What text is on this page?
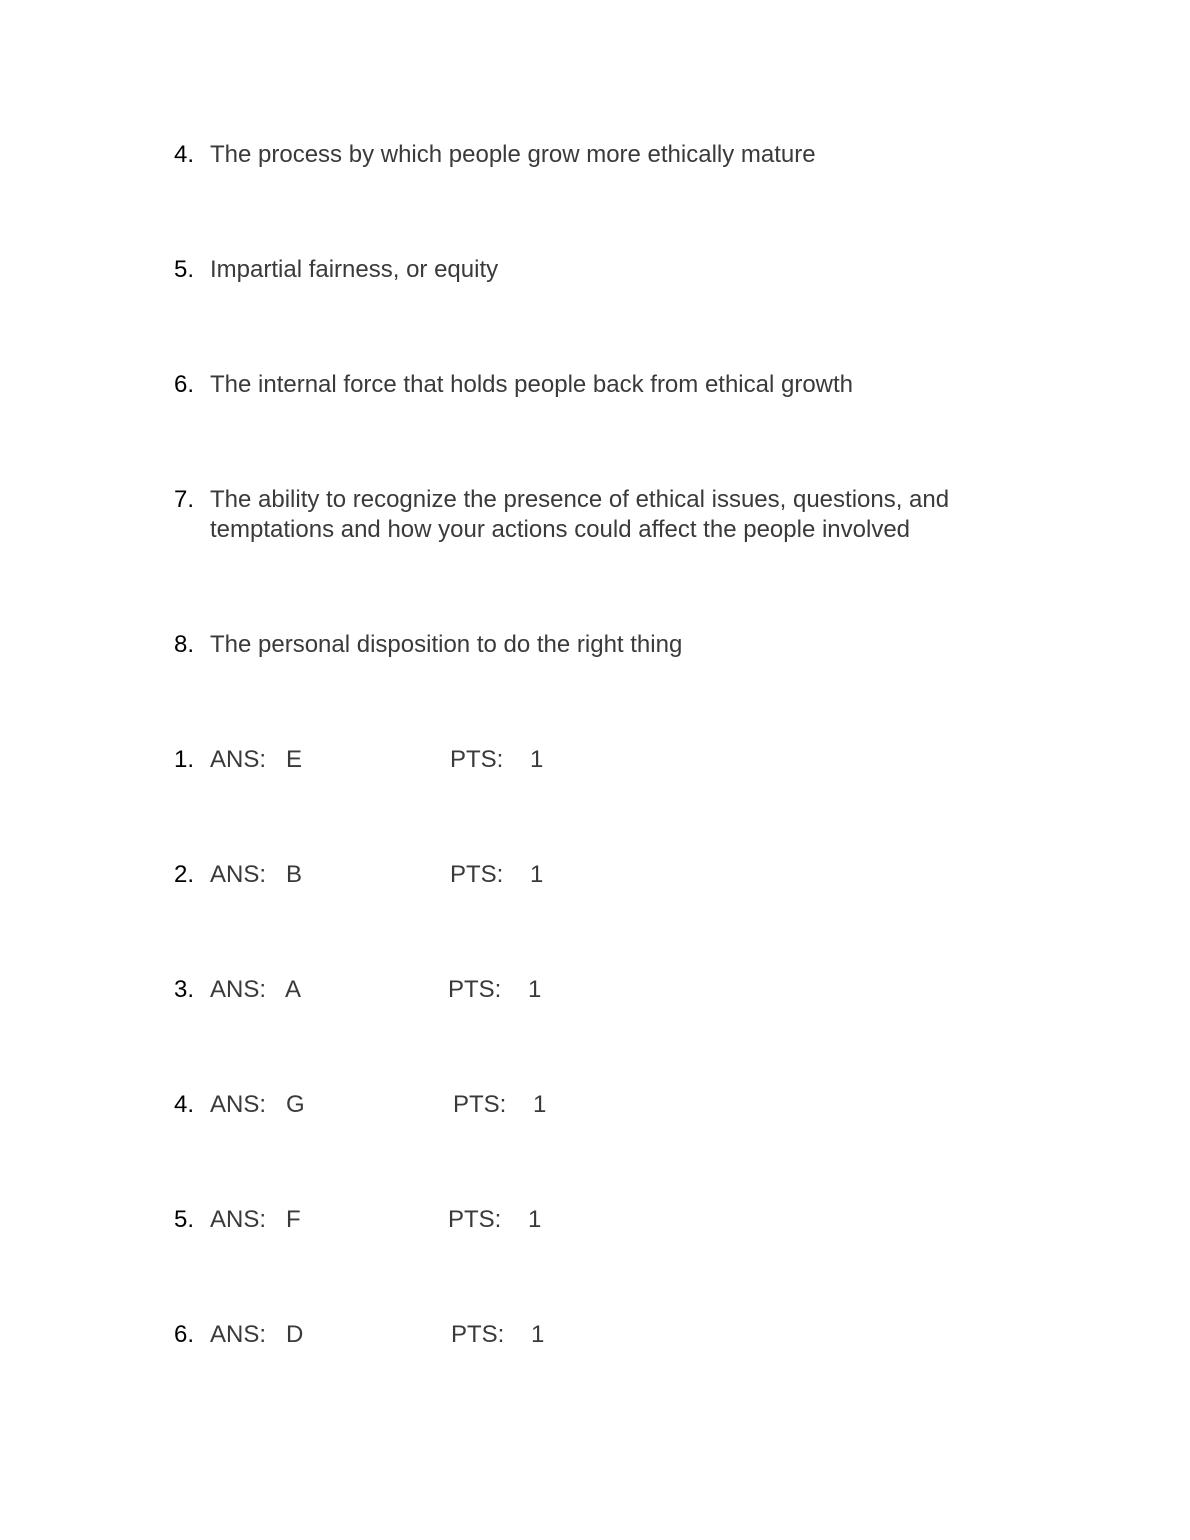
4. The process by which people grow more ethically mature
5. Impartial fairness, or equity
6. The internal force that holds people back from ethical growth
7. The ability to recognize the presence of ethical issues, questions, and temptations and how your actions could affect the people involved
8. The personal disposition to do the right thing
1. ANS: E	PTS: 1
2. ANS: B	PTS: 1
3. ANS: A	PTS: 1
4. ANS: G	PTS: 1
5. ANS: F	PTS: 1
6. ANS: D	PTS: 1
